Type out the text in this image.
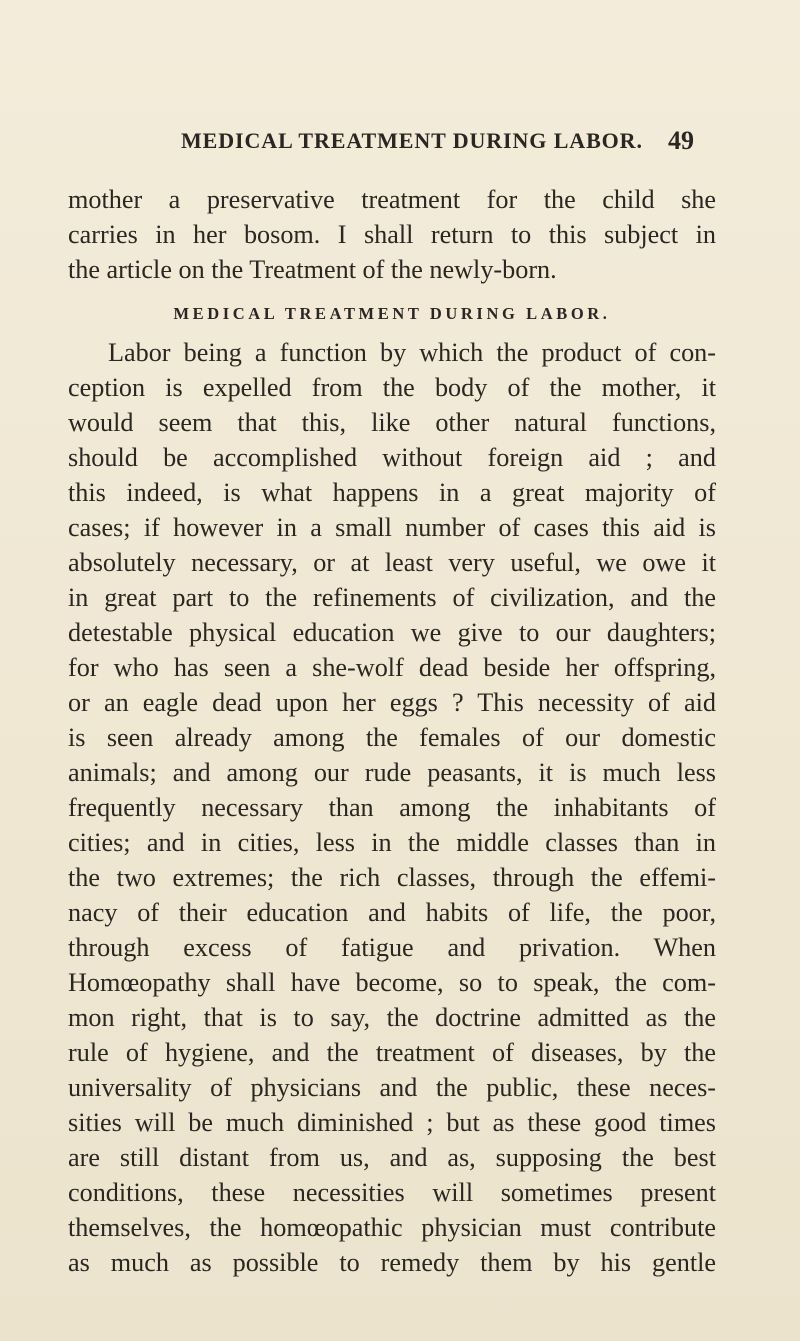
MEDICAL TREATMENT DURING LABOR. 49
mother a preservative treatment for the child she
carries in her bosom. I shall return to this subject in
the article on the Treatment of the newly-born.
MEDICAL TREATMENT DURING LABOR.
Labor being a function by which the product of con-
ception is expelled from the body of the mother, it
would seem that this, like other natural functions,
should be accomplished without foreign aid ; and
this indeed, is what happens in a great majority of
cases; if however in a small number of cases this aid is
absolutely necessary, or at least very useful, we owe it
in great part to the refinements of civilization, and the
detestable physical education we give to our daughters;
for who has seen a she-wolf dead beside her offspring,
or an eagle dead upon her eggs ? This necessity of aid
is seen already among the females of our domestic
animals; and among our rude peasants, it is much less
frequently necessary than among the inhabitants of
cities; and in cities, less in the middle classes than in
the two extremes; the rich classes, through the effemi-
nacy of their education and habits of life, the poor,
through excess of fatigue and privation. When
Homœopathy shall have become, so to speak, the com-
mon right, that is to say, the doctrine admitted as the
rule of hygiene, and the treatment of diseases, by the
universality of physicians and the public, these neces-
sities will be much diminished ; but as these good times
are still distant from us, and as, supposing the best
conditions, these necessities will sometimes present
themselves, the homœopathic physician must contribute
as much as possible to remedy them by his gentle
